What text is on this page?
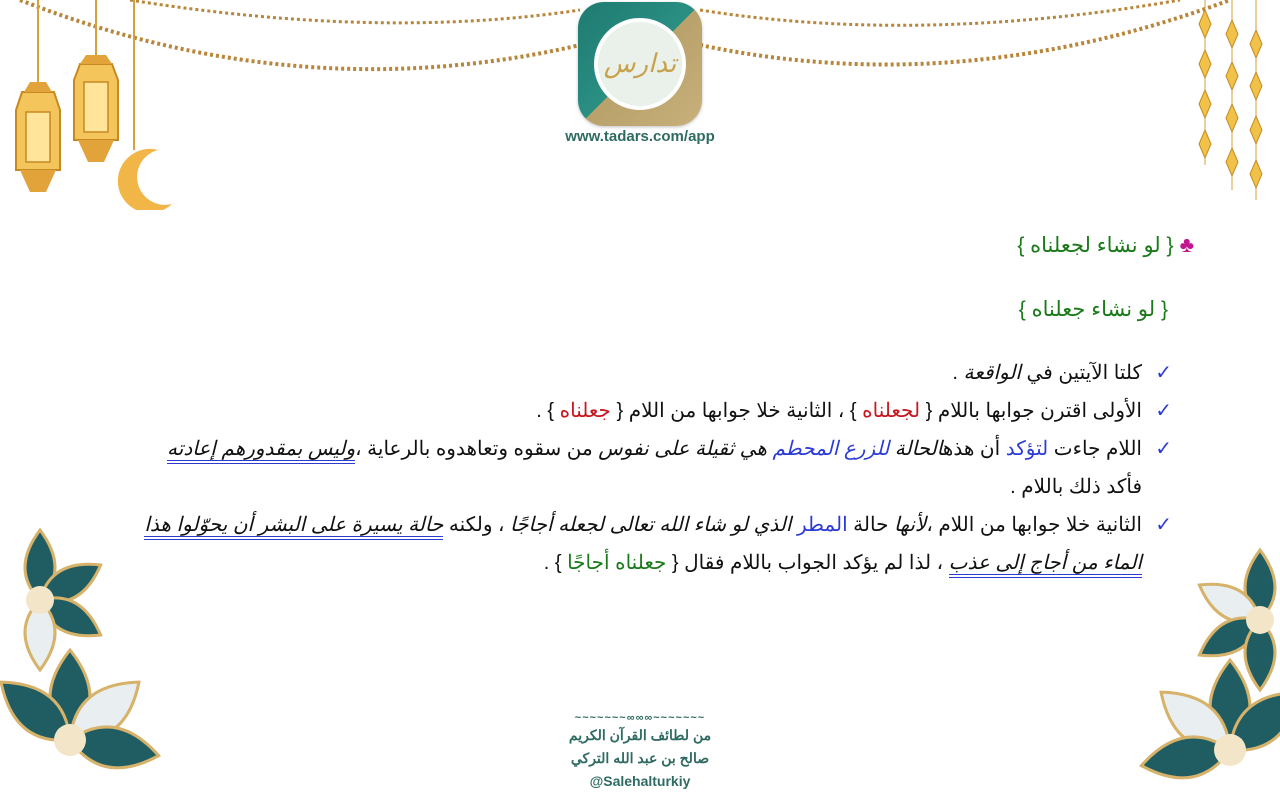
تدارس
www.tadars.com/app
♣{ لو نشاء لجعلناه }
{ لو نشاء جعلناه }

✓
كلتا الآيتين في الواقعة .

✓
الأولى اقترن جوابها باللام { لجعلناه } ، الثانية خلا جوابها من اللام { جعلناه } .

✓
اللام جاءت لتؤكد أن هذهالحالة للزرع المحطم هي ثقيلة على نفوس من سقوه وتعاهدوه بالرعاية ،وليس بمقدورهم إعادته فأكد ذلك باللام .

✓
الثانية خلا جوابها من اللام ،لأنها حالة المطر الذي لو شاء الله تعالى لجعله أجاجًا ، ولكنه حالة يسيرة على البشر أن يحوّلوا هذا الماء من أجاج إلى عذب ، لذا لم يؤكد الجواب باللام فقال { جعلناه أجاجًا } .

~~~~~~~∞∞∞~~~~~~~
من لطائف القرآن الكريم
صالح بن عبد الله التركي
@Salehalturkiy
